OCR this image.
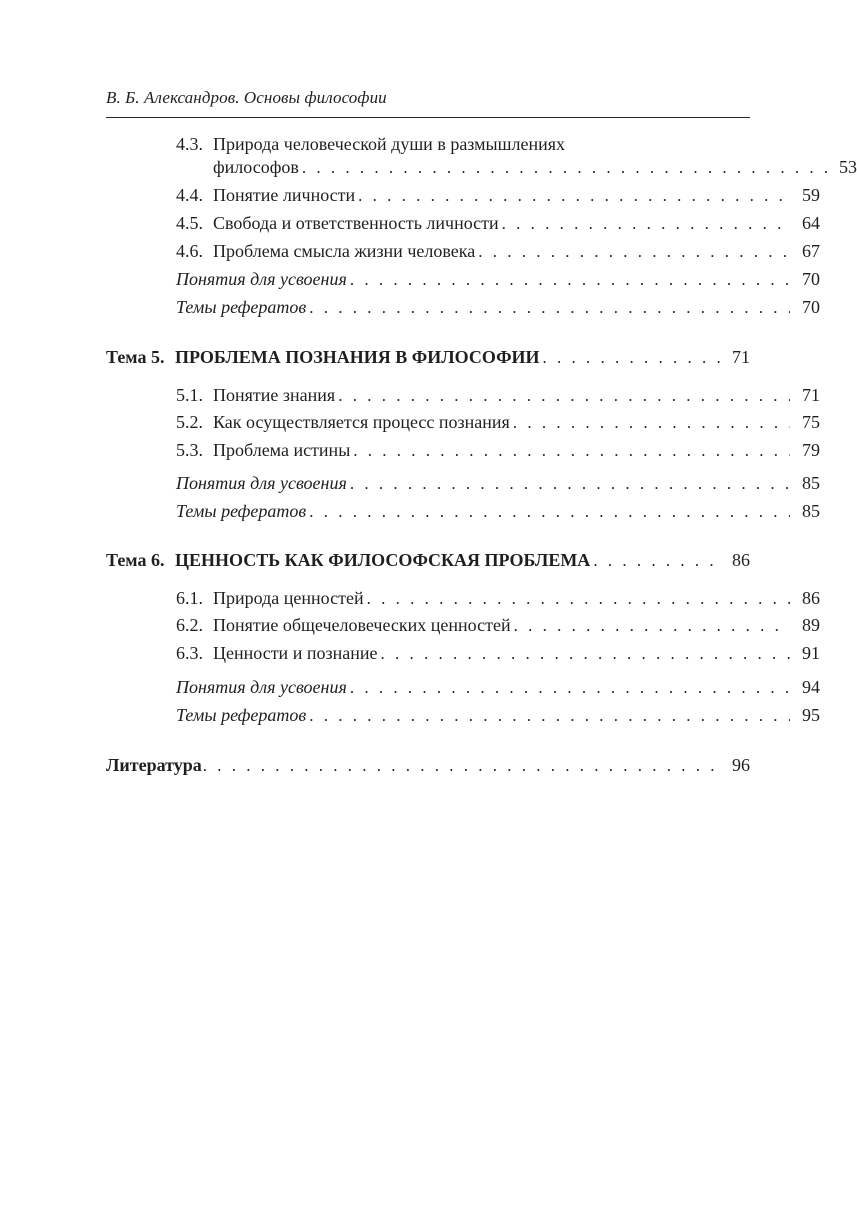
В. Б. Александров. Основы философии
4.3. Природа человеческой души в размышлениях
философов . . .	53
4.4. Понятие личности . . .	59
4.5. Свобода и ответственность личности . . .	64
4.6. Проблема смысла жизни человека . . .	67
Понятия для усвоения . . .	70
Темы рефератов . . .	70
Тема 5. ПРОБЛЕМА ПОЗНАНИЯ В ФИЛОСОФИИ . . .	71
5.1. Понятие знания . . .	71
5.2. Как осуществляется процесс познания . . .	75
5.3. Проблема истины . . .	79
Понятия для усвоения . . .	85
Темы рефератов . . .	85
Тема 6. ЦЕННОСТЬ КАК ФИЛОСОФСКАЯ ПРОБЛЕМА . . .	86
6.1. Природа ценностей . . .	86
6.2. Понятие общечеловеческих ценностей . . .	89
6.3. Ценности и познание . . .	91
Понятия для усвоения . . .	94
Темы рефератов . . .	95
Литература . . .	96
